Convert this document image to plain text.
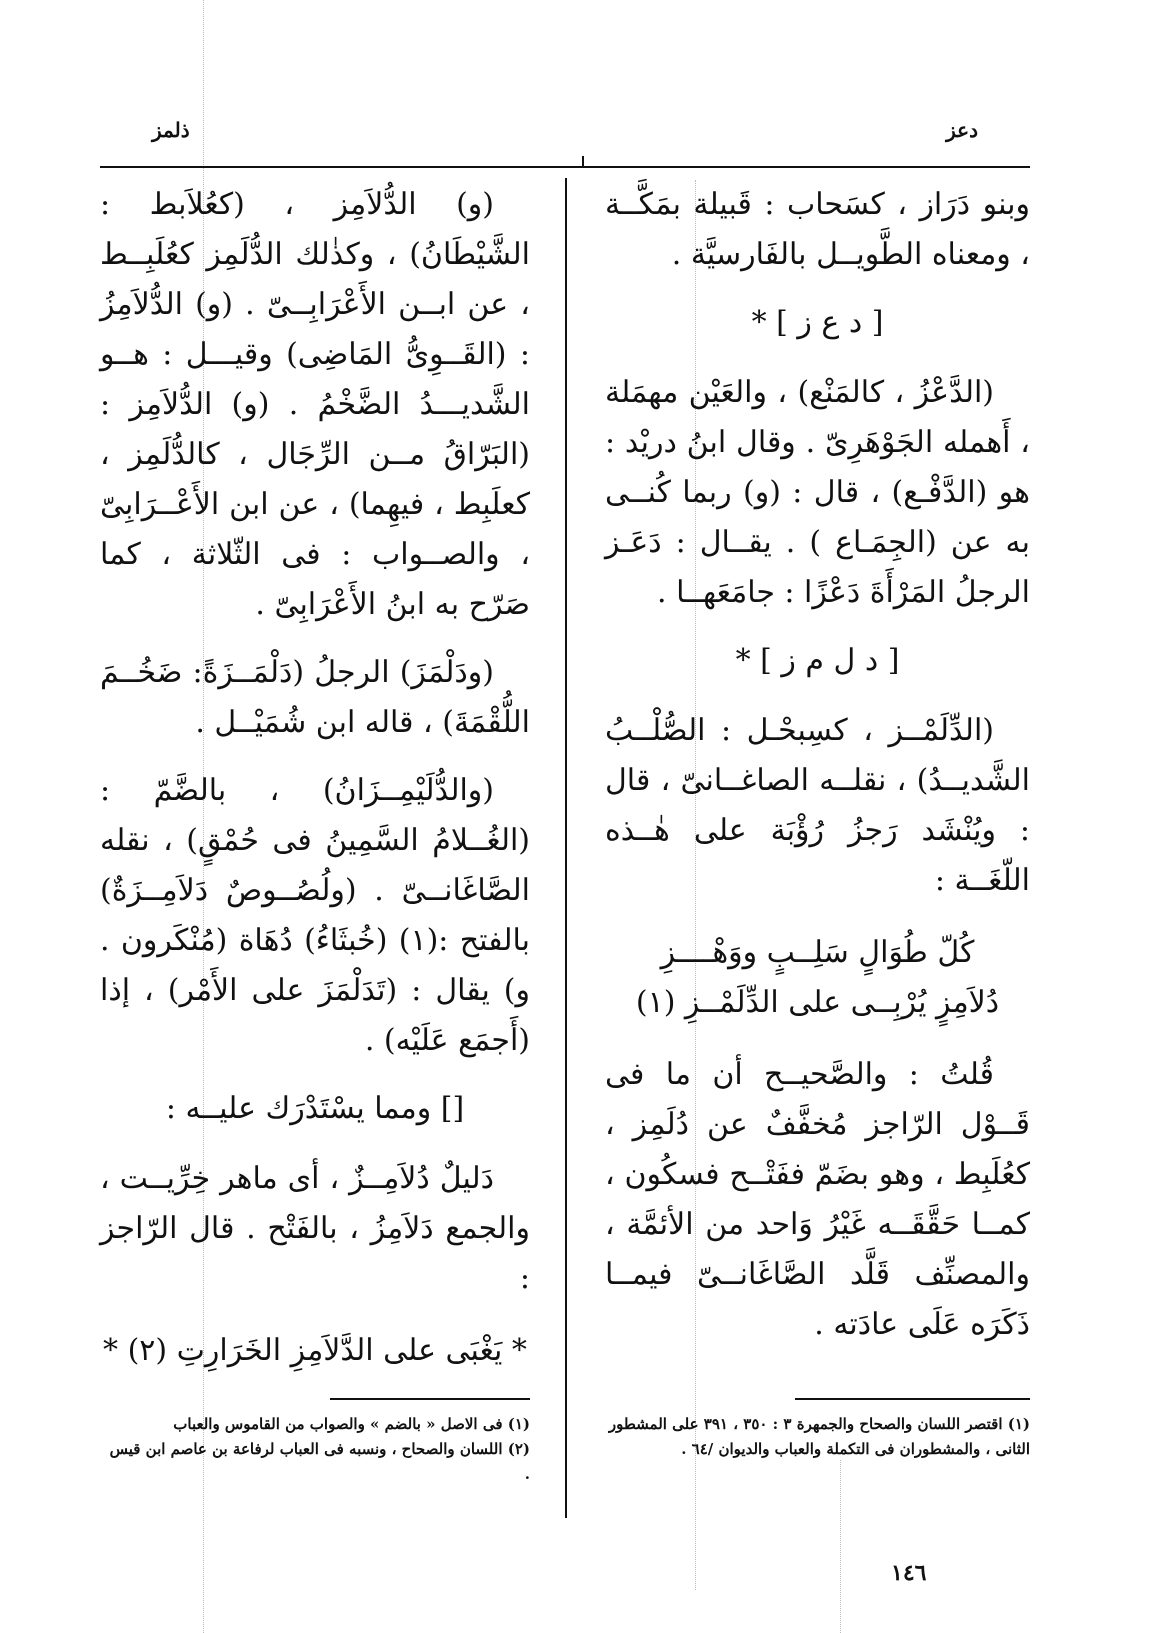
ذلمز	دعز

وبنو دَرَاز ، كسَحاب : قَبيلة بمَكَّــة ، ومعناه الطَّويــل بالفَارسيَّة .

[ د ع ز ] *

(الدَّعْزُ ، كالمَنْع) ، والعَيْن مهمَلة ، أَهمله الجَوْهَرِىّ . وقال ابنُ دريْد : هو (الدَّفْـع) ، قال : (و) ربما كُنــى به عن (الجِمَـاع ) . يقــال : دَعَـز الرجلُ المَرْأَةَ دَعْزًا : جامَعَهــا .

[ د ل م ز ] *

(الدِّلَمْــز ، كسِبحْـل : الصُّلْــبُ الشَّديــدُ) ، نقلــه الصاغــانىّ ، قال : ويُنْشَد رَجزُ رُؤْبَة على هٰــذه اللّغَــة :

كُلّ طُوَالٍ سَلِــبٍ ووَهْــــزِ
دُلاَمِزٍ يُرْبِــى على الدِّلَمْــزِ (١)

قُلتُ : والصَّحيــح أن ما فى قَــوْل الرّاجز مُخفَّفٌ عن دُلَمِز ، كعُلَبِط ، وهو بضَمّ ففَتْــح فسكُون ، كمــا حَقَّقَــه غَيْرُ وَاحد من الأئمَّة ، والمصنِّف قَلَّد الصَّاغَانــىّ فيمــا ذَكَرَه عَلَى عادَته .

(و) الدُّلاَمِز ، (كعُلاَبط : الشَّيْطَانُ) ، وكذٰلك الدُّلَمِز كعُلَبِــط ، عن ابــن الأَعْرَابِــىّ . (و) الدُّلاَمِزُ : (القَــوِىُّ المَاضِى) وقيـــل : هــو الشَّديـــدُ الضَّخْمُ . (و) الدُّلاَمِز :(البَرّاقُ مــن الرِّجَال ، كالدُّلَمِز ، كعلَبِط ، فيهِما) ، عن ابن الأَعْــرَابِىّ ، والصــواب : فى الثّلاثة ، كما صَرّح به ابنُ الأَعْرَابِىّ .

(ودَلْمَزَ) الرجلُ (دَلْمَــزَةً: ضَخُــمَ اللُّقْمَةَ) ، قاله ابن شُمَيْــل .

(والدُّلَيْمِــزَانُ) ، بالضَّمّ : (الغُــلامُ السَّمِينُ فى حُمْقٍ) ، نقله الصَّاغَانــىّ . (ولُصُــوصٌ دَلاَمِــزَةٌ) بالفتح :(١) (خُبثَاءُ) دُهَاة (مُنْكَرون . و) يقال : (تَدَلْمَزَ على الأَمْر) ، إذا (أَجمَع عَلَيْه) .

[] ومما يسْتَدْرَك عليــه :

دَليلٌ دُلاَمِــزٌ ، أى ماهر خِرِّيــت ، والجمع دَلاَمِزُ ، بالفَتْح . قال الرّاجز :

* يَغْبَى على الدَّلاَمِزِ الخَرَارِتِ (٢) *
(١) اقتصر اللسان والصحاح والجمهرة ٣ : ٣٥٠ ، ٣٩١ على المشطور الثانى ، والمشطوران فى التكملة والعباب والديوان /٦٤ .
(١) فى الاصل « بالضم » والصواب من القاموس والعباب
(٢) اللسان والصحاح ، ونسبه فى العباب لرفاعة بن عاصم ابن قيس .
١٤٦
